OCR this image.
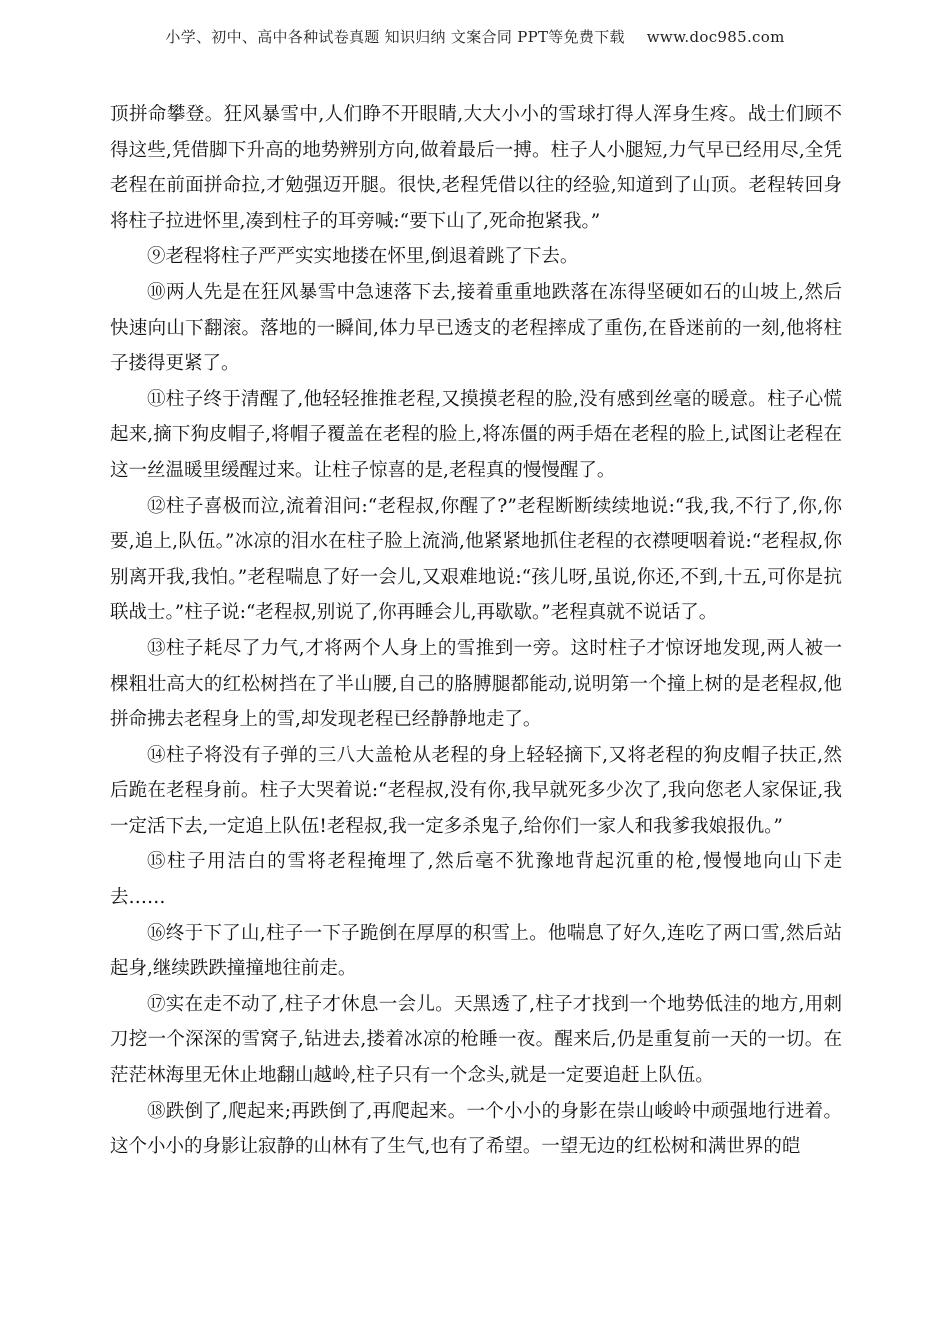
小学、初中、高中各种试卷真题 知识归纳 文案合同 PPT等免费下载 www.doc985.com

顶拼命攀登。狂风暴雪中,人们睁不开眼睛,大大小小的雪球打得人浑身生疼。战士们顾不得这些,凭借脚下升高的地势辨别方向,做着最后一搏。柱子人小腿短,力气早已经用尽,全凭老程在前面拼命拉,才勉强迈开腿。很快,老程凭借以往的经验,知道到了山顶。老程转回身将柱子拉进怀里,凑到柱子的耳旁喊:“要下山了,死命抱紧我。”

⑨老程将柱子严严实实地搂在怀里,倒退着跳了下去。

⑩两人先是在狂风暴雪中急速落下去,接着重重地跌落在冻得坚硬如石的山坡上,然后快速向山下翻滚。落地的一瞬间,体力早已透支的老程摔成了重伤,在昏迷前的一刻,他将柱子搂得更紧了。

⑪柱子终于清醒了,他轻轻推推老程,又摸摸老程的脸,没有感到丝毫的暖意。柱子心慌起来,摘下狗皮帽子,将帽子覆盖在老程的脸上,将冻僵的两手焐在老程的脸上,试图让老程在这一丝温暖里缓醒过来。让柱子惊喜的是,老程真的慢慢醒了。

⑫柱子喜极而泣,流着泪问:“老程叔,你醒了?”老程断断续续地说:“我,我,不行了,你,你要,追上,队伍。”冰凉的泪水在柱子脸上流淌,他紧紧地抓住老程的衣襟哽咽着说:“老程叔,你别离开我,我怕。”老程喘息了好一会儿,又艰难地说:“孩儿呀,虽说,你还,不到,十五,可你是抗联战士。”柱子说:“老程叔,别说了,你再睡会儿,再歇歇。”老程真就不说话了。

⑬柱子耗尽了力气,才将两个人身上的雪推到一旁。这时柱子才惊讶地发现,两人被一棵粗壮高大的红松树挡在了半山腰,自己的胳膊腿都能动,说明第一个撞上树的是老程叔,他拼命拂去老程身上的雪,却发现老程已经静静地走了。

⑭柱子将没有子弹的三八大盖枪从老程的身上轻轻摘下,又将老程的狗皮帽子扶正,然后跪在老程身前。柱子大哭着说:“老程叔,没有你,我早就死多少次了,我向您老人家保证,我一定活下去,一定追上队伍!老程叔,我一定多杀鬼子,给你们一家人和我爹我娘报仇。”

⑮柱子用洁白的雪将老程掩埋了,然后毫不犹豫地背起沉重的枪,慢慢地向山下走去……

⑯终于下了山,柱子一下子跪倒在厚厚的积雪上。他喘息了好久,连吃了两口雪,然后站起身,继续跌跌撞撞地往前走。

⑰实在走不动了,柱子才休息一会儿。天黑透了,柱子才找到一个地势低洼的地方,用刺刀挖一个深深的雪窝子,钻进去,搂着冰凉的枪睡一夜。醒来后,仍是重复前一天的一切。在茫茫林海里无休止地翻山越岭,柱子只有一个念头,就是一定要追赶上队伍。

⑱跌倒了,爬起来;再跌倒了,再爬起来。一个小小的身影在崇山峻岭中顽强地行进着。这个小小的身影让寂静的山林有了生气,也有了希望。一望无边的红松树和满世界的皑
